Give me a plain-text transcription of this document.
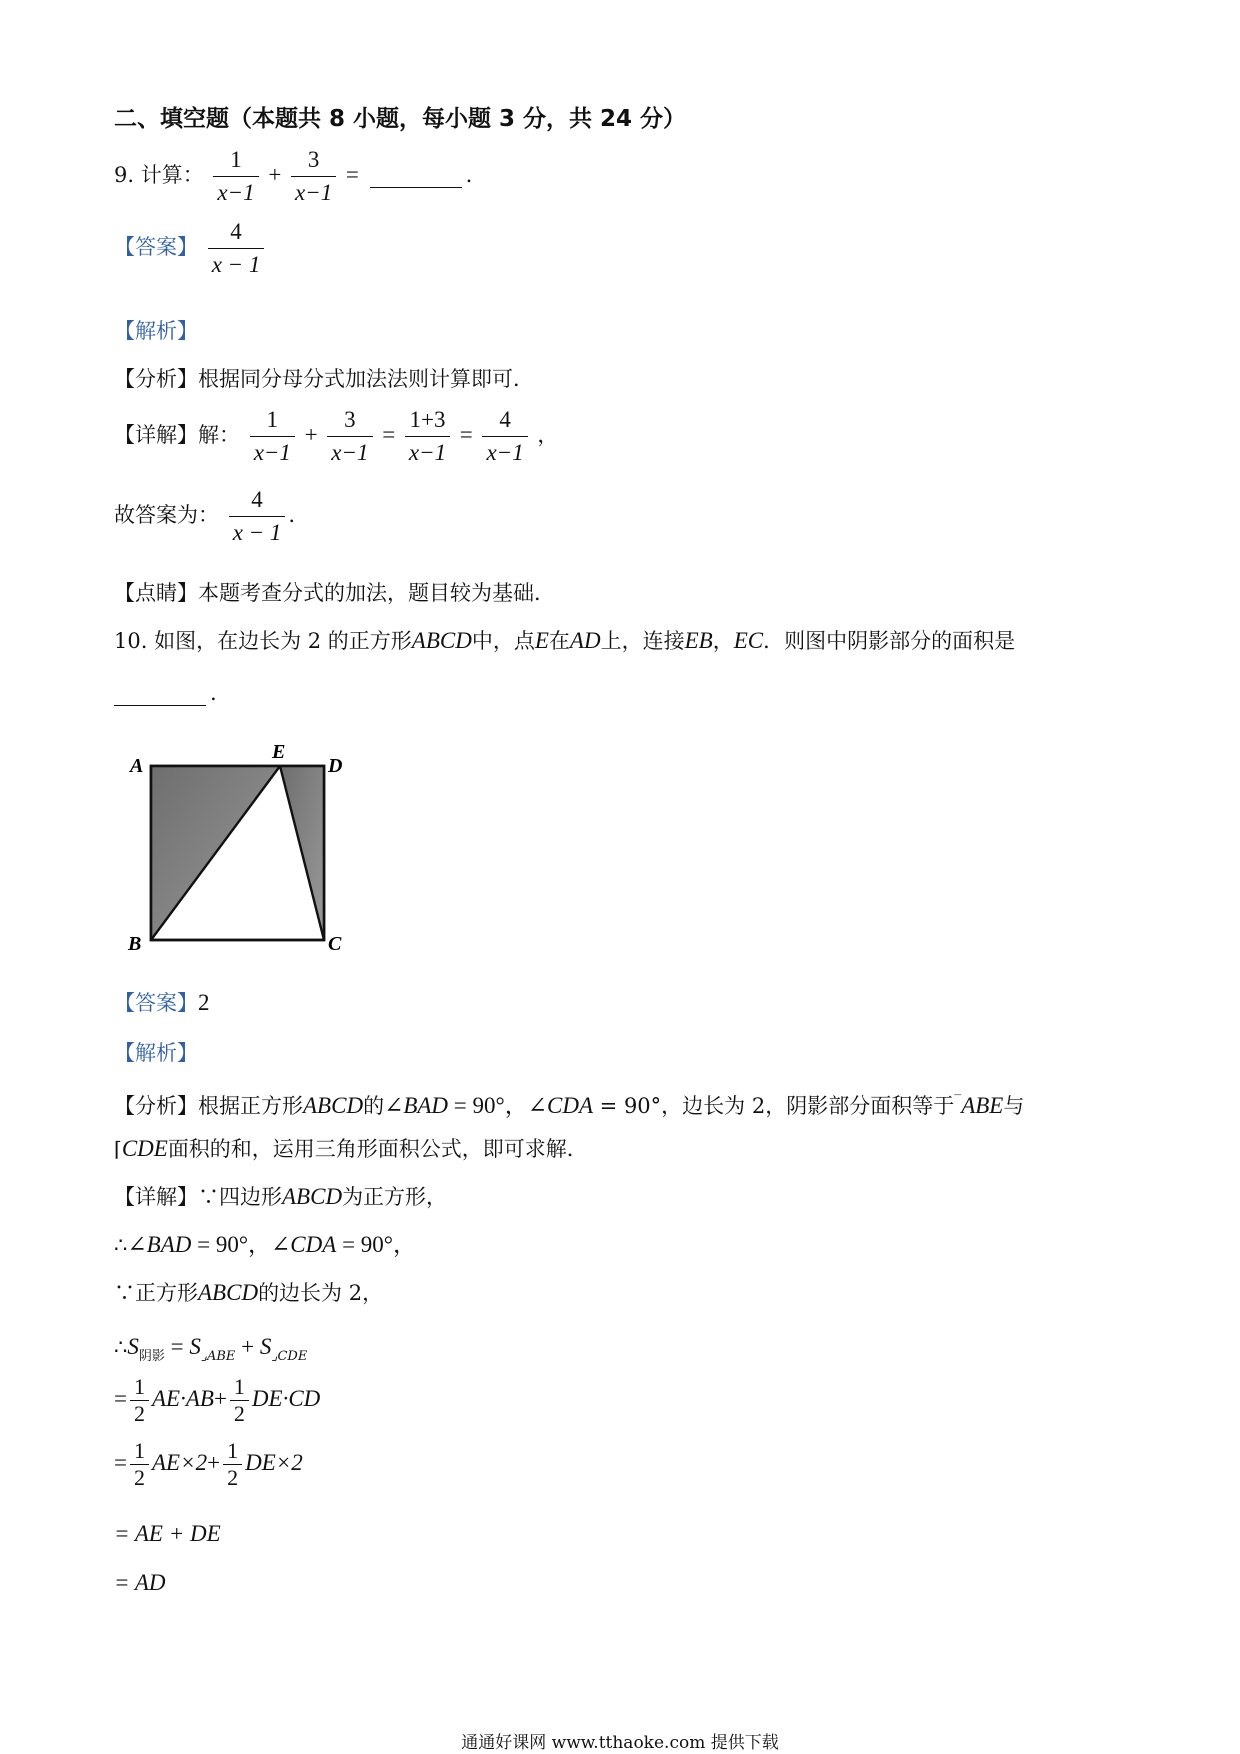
二、填空题（本题共 8 小题，每小题 3 分，共 24 分）
9. 计算： $\frac{1}{x-1} + \frac{3}{x-1}$ =	.
【答案】 $\frac{4}{x - 1}$
【解析】
【分析】根据同分母分式加法法则计算即可．
【详解】解： $\frac{1}{x-1} + \frac{3}{x-1} = \frac{1+3}{x-1} = \frac{4}{x-1}$ ，
故答案为： $\frac{4}{x - 1}$ .
【点睛】本题考查分式的加法，题目较为基础．
10. 如图，在边长为 2 的正方形ABCD中，点E在AD上，连接EB，EC．则图中阴影部分的面积是
.
A
E
D
B	C
【答案】2
【解析】
【分析】根据正方形ABCD的∠BAD = 90°，∠CDA = 90°，边长为 2，阴影部分面积等于‾ABE与
⌈CDE面积的和，运用三角形面积公式，即可求解．
【详解】∵四边形ABCD为正方形，
∴∠BAD = 90°，∠CDA = 90°，
∵正方形ABCD的边长为 2，
$\therefore S_{阴影} = S_{⌟ABE} + S_{⌟CDE}$
= $\frac{1}{2} AE\cdot AB+ \frac{1}{2} DE\cdot CD$
= $\frac{1}{2} AE\times 2+ \frac{1}{2} DE\times 2$
= AE + DE
= AD
通通好课网 www.tthaoke.com 提供下载
